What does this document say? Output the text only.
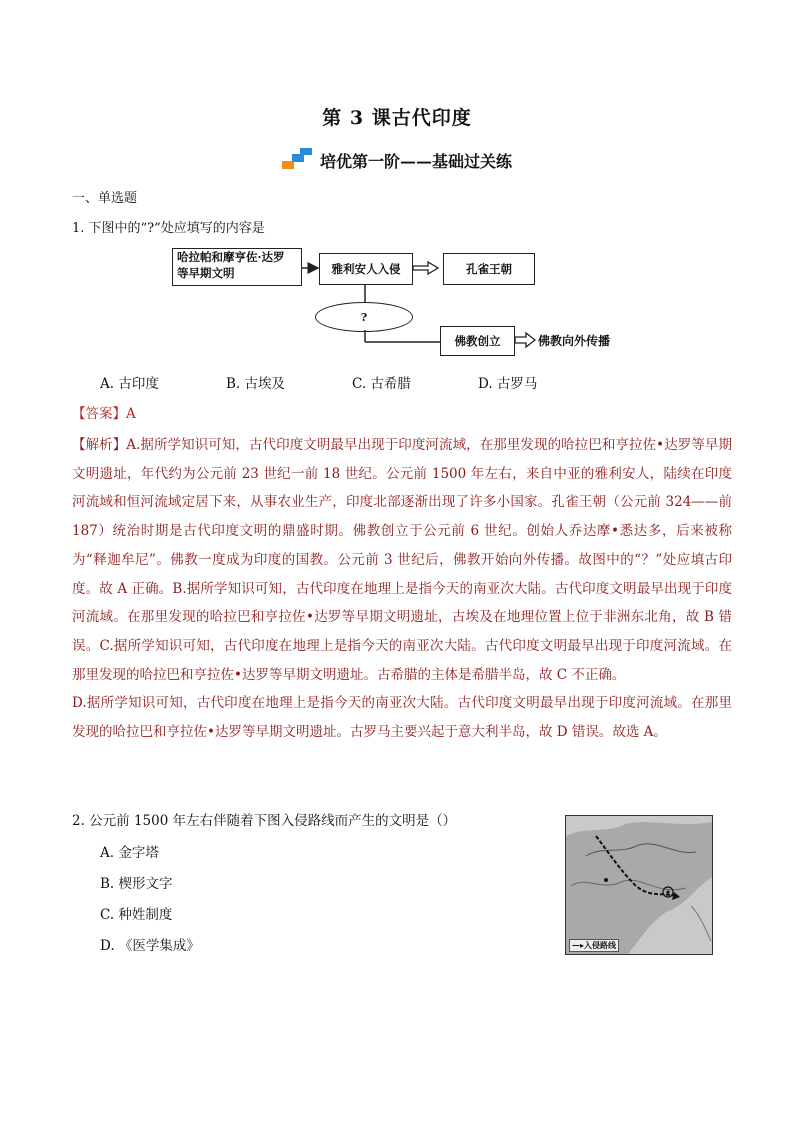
第 3 课古代印度
培优第一阶——基础过关练
一、单选题
1. 下图中的“?”处应填写的内容是
哈拉帕和摩亨佐·达罗
等早期文明	雅利安人入侵	孔雀王朝
?
佛教创立	佛教向外传播
A. 古印度	B. 古埃及	C. 古希腊	D. 古罗马
【答案】A

【解析】A.据所学知识可知，古代印度文明最早出现于印度河流域，在那里发现的哈拉巴和亨拉佐•达罗等早期文明遗址，年代约为公元前 23 世纪一前 18 世纪。公元前 1500 年左右，来自中亚的雅利安人，陆续在印度河流域和恒河流域定居下来，从事农业生产，印度北部逐渐出现了许多小国家。孔雀王朝（公元前 324——前 187）统治时期是古代印度文明的鼎盛时期。佛教创立于公元前 6 世纪。创始人乔达摩•悉达多，后来被称为“释迦牟尼”。佛教一度成为印度的国教。公元前 3 世纪后，佛教开始向外传播。故图中的“？”处应填古印度。故 A 正确。B.据所学知识可知，古代印度在地理上是指今天的南亚次大陆。古代印度文明最早出现于印度河流域。在那里发现的哈拉巴和亨拉佐•达罗等早期文明遗址，古埃及在地理位置上位于非洲东北角，故 B 错误。C.据所学知识可知，古代印度在地理上是指今天的南亚次大陆。古代印度文明最早出现于印度河流域。在那里发现的哈拉巴和亨拉佐•达罗等早期文明遗址。古希腊的主体是希腊半岛，故 C 不正确。

D.据所学知识可知，古代印度在地理上是指今天的南亚次大陆。古代印度文明最早出现于印度河流域。在那里发现的哈拉巴和亨拉佐•达罗等早期文明遗址。古罗马主要兴起于意大利半岛，故 D 错误。故选 A。

2. 公元前 1500 年左右伴随着下图入侵路线而产生的文明是（）
A. 金字塔
B. 楔形文字
C. 种姓制度
D. 《医学集成》	—▸入侵路线
